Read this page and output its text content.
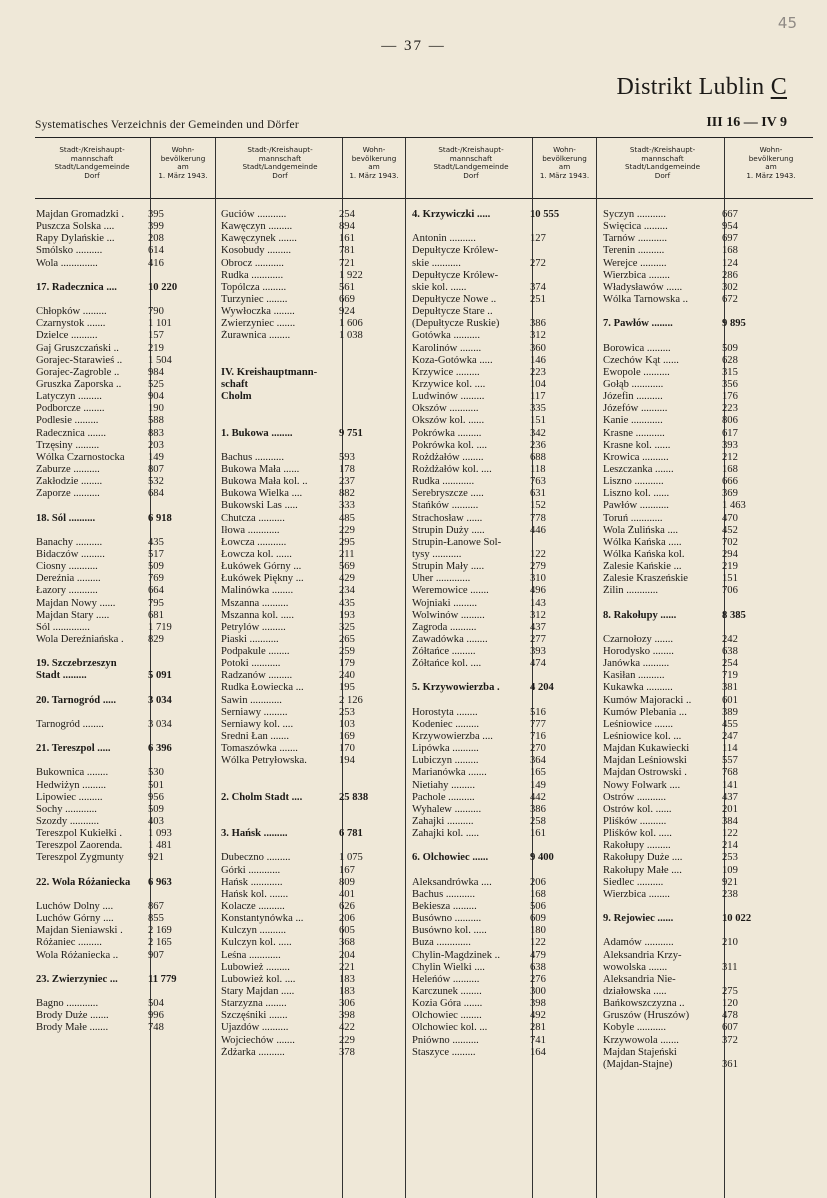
45
— 37 —
Distrikt Lublin C
Systematisches Verzeichnis der Gemeinden und Dörfer	III 16 — IV 9
Stadt-/Kreishaupt-
mannschaft
Stadt/Landgemeinde
Dorf
Wohn-
bevölkerung
am
1. März 1943.
Stadt-/Kreishaupt-
mannschaft
Stadt/Landgemeinde
Dorf
Wohn-
bevölkerung
am
1. März 1943.
Stadt-/Kreishaupt-
mannschaft
Stadt/Landgemeinde
Dorf
Wohn-
bevölkerung
am
1. März 1943.
Stadt-/Kreishaupt-
mannschaft
Stadt/Landgemeinde
Dorf
Wohn-
bevölkerung
am
1. März 1943.
Majdan Gromadzki .	395
Puszcza Solska ....	399
Rapy Dylańskie ...	208
Smólsko ..........	614
Wola ..............	416
17. Radecznica ....	10 220
Chłopków .........	790
Czarnystok .......	1 101
Dzielce ..........	157
Gaj Gruszczański ..	219
Gorajec-Starawieś ..	1 504
Gorajec-Zagroble ..	984
Gruszka Zaporska ..	525
Latyczyn .........	904
Podborcze ........	190
Podlesie .........	588
Radecznica .......	883
Trzęsiny .........	203
Wólka Czarnostocka	149
Zaburze ..........	807
Zakłodzie ........	532
Zaporze ..........	684
18. Sól ..........	6 918
Banachy ..........	435
Bidaczów .........	517
Ciosny ...........	509
Dereźnia .........	769
Łazory ...........	664
Majdan Nowy ......	795
Majdan Stary .....	681
Sól ..............	1 719
Wola Dereźniańska .	829
19. Szczebrzeszyn
Stadt .........	5 091
20. Tarnogród .....	3 034
Tarnogród ........	3 034
21. Tereszpol .....	6 396
Bukownica ........	530
Hedwiżyn .........	501
Lipowiec .........	956
Sochy ............	509
Szozdy ...........	403
Tereszpol Kukiełki .	1 093
Tereszpol Zaorenda.	1 481
Tereszpol Zygmunty	921
22. Wola Różaniecka	6 963
Luchów Dolny ....	867
Luchów Górny ....	855
Majdan Sieniawski .	2 169
Różaniec .........	2 165
Wola Różaniecka ..	907
23. Zwierzyniec ...	11 779
Bagno ............	504
Brody Duże .......	996
Brody Małe .......	748
Guciów ...........	254
Kawęczyn .........	894
Kawęczynek .......	161
Kosobudy .........	781
Obrocz ...........	721
Rudka ............	1 922
Topólcza .........	561
Turzyniec ........	669
Wywłoczka ........	924
Zwierzyniec .......	1 606
Żurawnica ........	1 038
IV. Kreishauptmann-
schaft
Cholm
1. Bukowa ........	9 751
Bachus ...........	593
Bukowa Mała ......	178
Bukowa Mała kol. ..	237
Bukowa Wielka ....	882
Bukowski Las .....	333
Chutcza ..........	485
Iłowa ............	229
Łowcza ...........	295
Łowcza kol. ......	211
Łukówek Górny ...	569
Łukówek Piękny ...	429
Malinówka ........	234
Mszanna ..........	435
Mszanna kol. .....	193
Petrylów .........	325
Piaski ...........	265
Podpakule ........	259
Potoki ...........	179
Radzanów .........	240
Rudka Łowiecka ...	195
Sawin ............	2 126
Serniawy .........	253
Serniawy kol. ....	103
Średni Łan .......	169
Tomaszówka .......	170
Wólka Petryłowska.	194
2. Cholm Stadt ....	25 838
3. Hańsk .........	6 781
Dubeczno .........	1 075
Górki ............	167
Hańsk ............	809
Hańsk kol. .......	401
Kolacze ..........	626
Konstantynówka ...	206
Kulczyn ..........	605
Kulczyn kol. .....	368
Leśna ............	204
Lubowież .........	221
Lubowież kol. ....	183
Stary Majdan .....	183
Starzyzna ........	306
Szczęśniki .......	398
Ujazdów ..........	422
Wojciechów .......	229
Żdżarka ..........	378
4. Krzywiczki .....	10 555
Antonin ..........	127
Depułtycze Królew-
skie ...........	272
Depułtycze Królew-
skie kol. ......	374
Depułtycze Nowe ..	251
Depułtycze Stare ..
(Depułtycze Ruskie)	386
Gotówka ..........	312
Karolinów ........	360
Koza-Gotówka .....	146
Krzywice .........	223
Krzywice kol. ....	104
Ludwinów .........	117
Okszów ...........	335
Okszów kol. ......	151
Pokrówka .........	342
Pokrówka kol. ....	236
Rożdżałów ........	688
Rożdżałów kol. ....	118
Rudka ............	763
Serebryszcze .....	631
Stańków ..........	152
Strachosław ......	778
Strupin Duży .....	446
Strupin-Łanowe Sol-
tysy ...........	122
Strupin Mały .....	279
Uher .............	310
Weremowice .......	496
Wojniaki .........	143
Wolwinów .........	312
Zagroda ..........	437
Zawadówka ........	277
Żółtańce .........	393
Żółtańce kol. ....	474
5. Krzywowierzba .	4 204
Horostyta ........	516
Kodeniec .........	777
Krzywowierzba ....	716
Lipówka ..........	270
Lubiczyn .........	364
Marianówka .......	165
Nietiahy .........	149
Pachole ..........	442
Wyhalew ..........	386
Zahajki ..........	258
Zahajki kol. .....	161
6. Olchowiec ......	9 400
Aleksandrówka ....	206
Bachus ...........	168
Bekiesza .........	506
Busówno ..........	609
Busówno kol. .....	180
Buza .............	122
Chylin-Magdzinek ..	479
Chylin Wielki ....	638
Heleńów ..........	276
Karczunek ........	300
Kozia Góra .......	398
Olchowiec ........	492
Olchowiec kol. ...	281
Pniówno ..........	741
Staszyce .........	164
Syczyn ...........	667
Święcica .........	954
Tarnów ...........	697
Terenin ..........	168
Werejce ..........	124
Wierzbica ........	286
Władysławów ......	302
Wólka Tarnowska ..	672
7. Pawłów ........	9 895
Borowica .........	509
Czechów Kąt ......	628
Ewopole ..........	315
Gołąb ............	356
Józefin ..........	176
Józefów ..........	223
Kanie ............	806
Krasne ...........	617
Krasne kol. ......	393
Krowica ..........	212
Leszczanka .......	168
Liszno ...........	666
Liszno kol. ......	369
Pawłów ...........	1 463
Toruń ............	470
Wola Żulińska ....	452
Wólka Kańska .....	702
Wólka Kańska kol.	294
Zalesie Kańskie ...	219
Zalesie Kraszeńskie	151
Żilin ............	706
8. Rakołupy ......	8 385
Czarnołozy .......	242
Horodysko ........	638
Janówka ..........	254
Kasiłan ..........	719
Kukawka ..........	381
Kumów Majoracki ..	601
Kumów Plebania ...	389
Leśniowice .......	455
Leśniowice kol. ...	247
Majdan Kukawiecki	114
Majdan Leśniowski	557
Majdan Ostrowski .	768
Nowy Folwark ....	141
Ostrów ...........	437
Ostrów kol. ......	201
Pliśków ..........	384
Pliśków kol. .....	122
Rakołupy .........	214
Rakołupy Duże ....	253
Rakołupy Małe ....	109
Siedlec ..........	921
Wierzbica ........	238
9. Rejowiec ......	10 022
Adamów ...........	210
Aleksandria Krzy-
wowolska .......	311
Aleksandria Nie-
działowska .....	275
Bańkowszczyzna ..	120
Gruszów (Hruszów)	478
Kobyle ...........	607
Krzywowola .......	372
Majdan Stajeński
(Majdan-Stajne)	361
